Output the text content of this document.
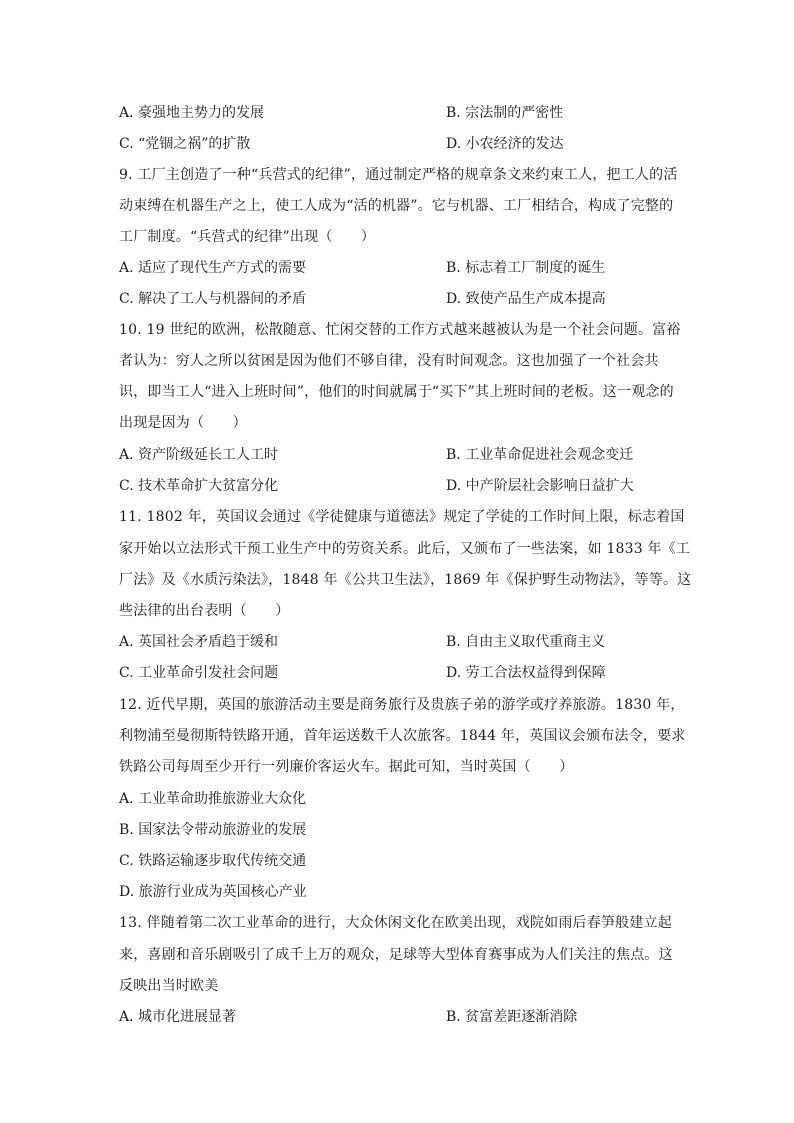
A. 豪强地主势力的发展	B. 宗法制的严密性
C. “党锢之祸”的扩散	D. 小农经济的发达
9. 工厂主创造了一种“兵营式的纪律”，通过制定严格的规章条文来约束工人，把工人的活
动束缚在机器生产之上，使工人成为“活的机器”。它与机器、工厂相结合，构成了完整的
工厂制度。“兵营式的纪律”出现（　　）
A. 适应了现代生产方式的需要	B. 标志着工厂制度的诞生
C. 解决了工人与机器间的矛盾	D. 致使产品生产成本提高
10. 19 世纪的欧洲，松散随意、忙闲交替的工作方式越来越被认为是一个社会问题。富裕
者认为：穷人之所以贫困是因为他们不够自律，没有时间观念。这也加强了一个社会共
识，即当工人“进入上班时间”，他们的时间就属于“买下”其上班时间的老板。这一观念的
出现是因为（　　）
A. 资产阶级延长工人工时	B. 工业革命促进社会观念变迁
C. 技术革命扩大贫富分化	D. 中产阶层社会影响日益扩大
11. 1802 年，英国议会通过《学徒健康与道德法》规定了学徒的工作时间上限，标志着国
家开始以立法形式干预工业生产中的劳资关系。此后，又颁布了一些法案，如 1833 年《工
厂法》及《水质污染法》，1848 年《公共卫生法》，1869 年《保护野生动物法》，等等。这
些法律的出台表明（　　）
A. 英国社会矛盾趋于缓和	B. 自由主义取代重商主义
C. 工业革命引发社会问题	D. 劳工合法权益得到保障
12. 近代早期，英国的旅游活动主要是商务旅行及贵族子弟的游学或疗养旅游。1830 年，
利物浦至曼彻斯特铁路开通，首年运送数千人次旅客。1844 年，英国议会颁布法令，要求
铁路公司每周至少开行一列廉价客运火车。据此可知，当时英国（　　）
A. 工业革命助推旅游业大众化
B. 国家法令带动旅游业的发展
C. 铁路运输逐步取代传统交通
D. 旅游行业成为英国核心产业
13. 伴随着第二次工业革命的进行，大众休闲文化在欧美出现，戏院如雨后春笋般建立起
来，喜剧和音乐剧吸引了成千上万的观众，足球等大型体育赛事成为人们关注的焦点。这
反映出当时欧美
A. 城市化进展显著	B. 贫富差距逐渐消除
